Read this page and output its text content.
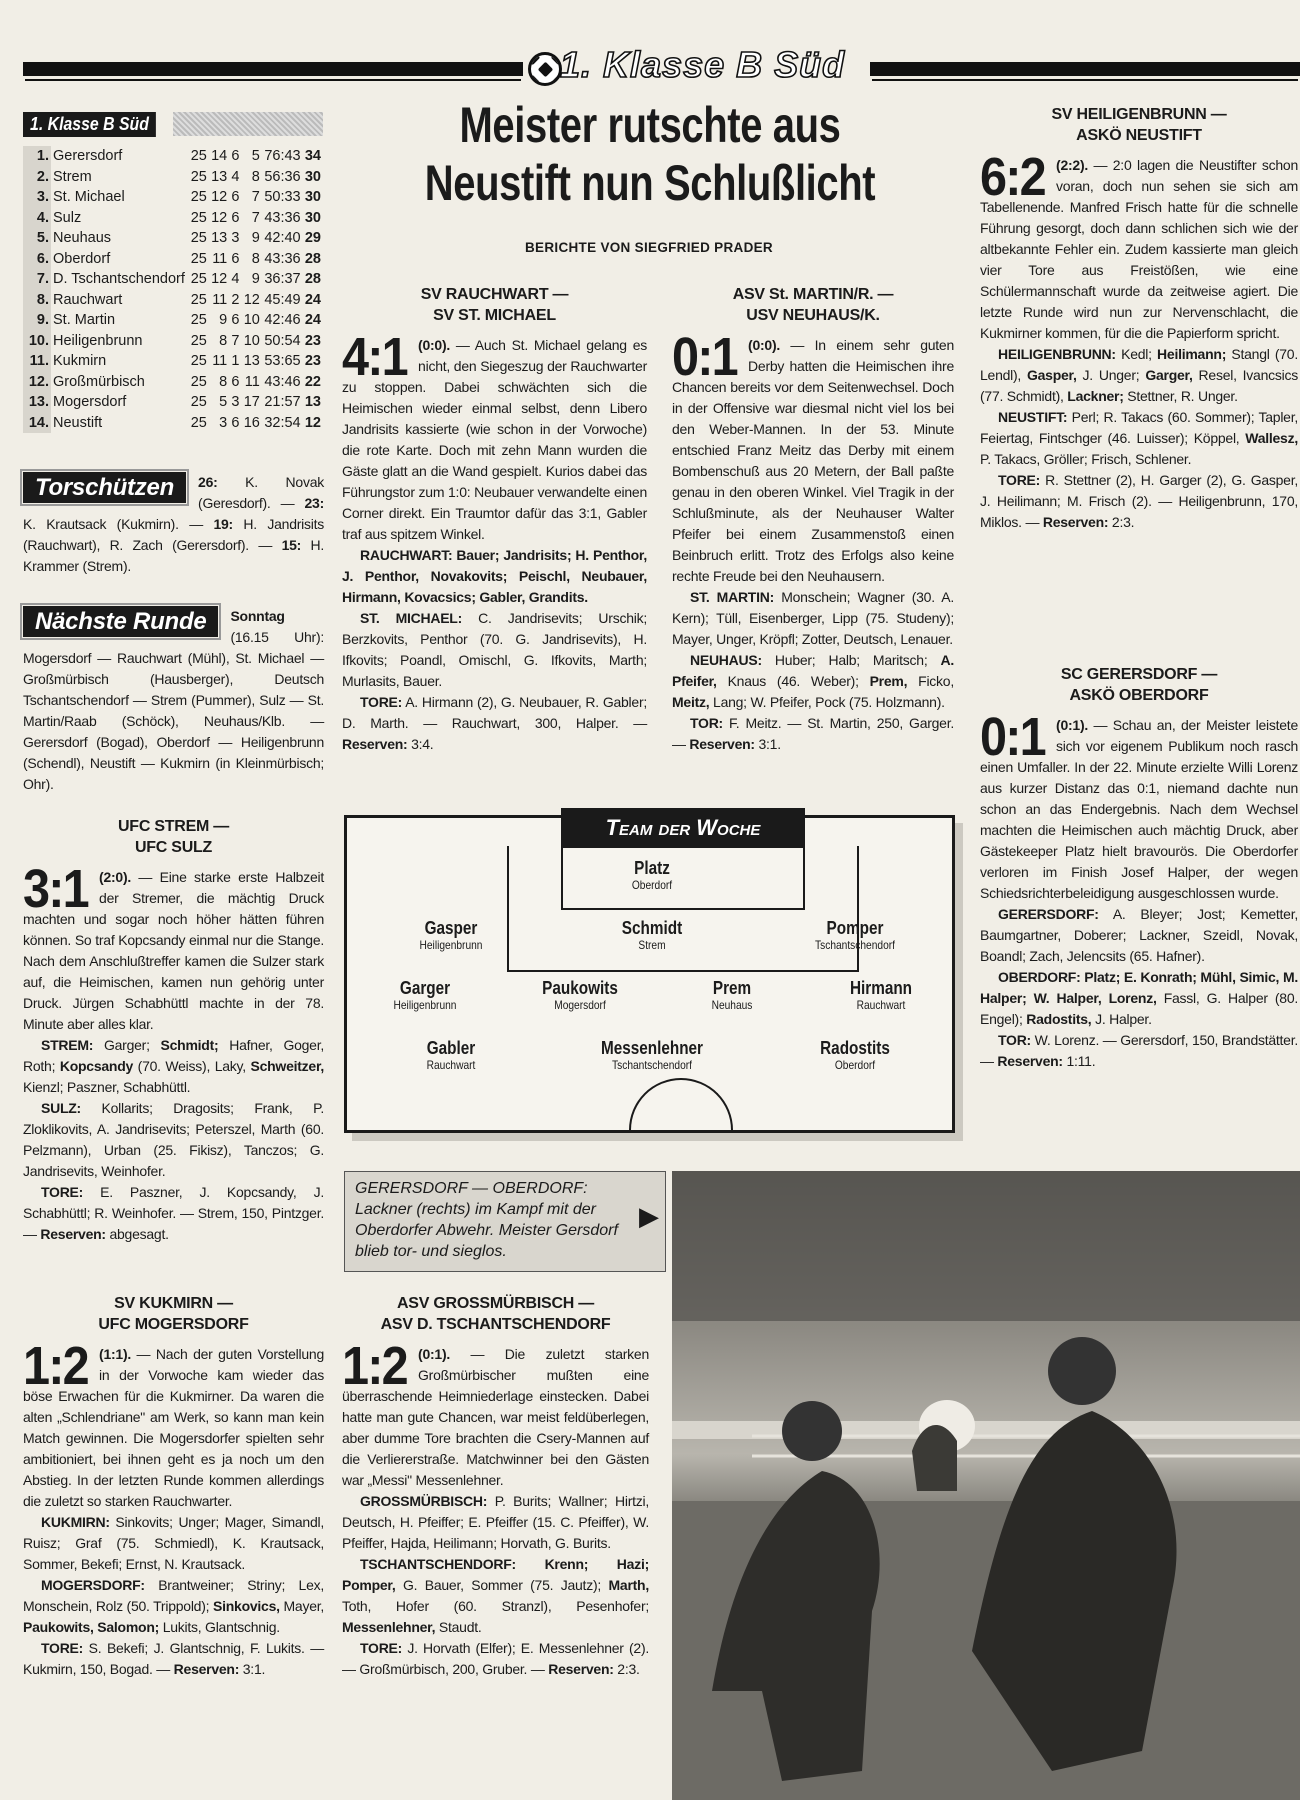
1. Klasse B Süd
1. Klasse B Süd
1.	Gerersdorf	25	14	6	5	76:43	34
2.	Strem	25	13	4	8	56:36	30
3.	St. Michael	25	12	6	7	50:33	30
4.	Sulz	25	12	6	7	43:36	30
5.	Neuhaus	25	13	3	9	42:40	29
6.	Oberdorf	25	11	6	8	43:36	28
7.	D. Tschantschendorf	25	12	4	9	36:37	28
8.	Rauchwart	25	11	2	12	45:49	24
9.	St. Martin	25	9	6	10	42:46	24
10.	Heiligenbrunn	25	8	7	10	50:54	23
11.	Kukmirn	25	11	1	13	53:65	23
12.	Großmürbisch	25	8	6	11	43:46	22
13.	Mogersdorf	25	5	3	17	21:57	13
14.	Neustift	25	3	6	16	32:54	12
Torschützen	26: K. Novak (Geresdorf). — 23: K. Krautsack (Kukmirn). — 19: H. Jandrisits (Rauchwart), R. Zach (Gerersdorf). — 15: H. Krammer (Strem).

Nächste Runde	Sonntag (16.15 Uhr): Mogersdorf — Rauchwart (Mühl), St. Michael — Großmürbisch (Hausberger), Deutsch Tschantschendorf — Strem (Pummer), Sulz — St. Martin/Raab (Schöck), Neuhaus/Klb. — Gerersdorf (Bogad), Oberdorf — Heiligenbrunn (Schendl), Neustift — Kukmirn (in Kleinmürbisch; Ohr).

Meister rutschte aus
Neustift nun Schlußlicht
BERICHTE VON SIEGFRIED PRADER
SV RAUCHWART —
SV ST. MICHAEL

4:1 (0:0). — Auch St. Michael gelang es nicht, den Siegeszug der Rauchwarter zu stoppen. Dabei schwächten sich die Heimischen wieder einmal selbst, denn Libero Jandrisits kassierte (wie schon in der Vorwoche) die rote Karte. Doch mit zehn Mann wurden die Gäste glatt an die Wand gespielt. Kurios dabei das Führungstor zum 1:0: Neubauer verwandelte einen Corner direkt. Ein Traumtor dafür das 3:1, Gabler traf aus spitzem Winkel.

RAUCHWART: Bauer; Jandrisits; H. Penthor, J. Penthor, Novakovits; Peischl, Neubauer, Hirmann, Kovacsics; Gabler, Grandits.

ST. MICHAEL: C. Jandrisevits; Urschik; Berzkovits, Penthor (70. G. Jandrisevits), H. Ifkovits; Poandl, Omischl, G. Ifkovits, Marth; Murlasits, Bauer.

TORE: A. Hirmann (2), G. Neubauer, R. Gabler; D. Marth. — Rauchwart, 300, Halper. — Reserven: 3:4.

ASV St. MARTIN/R. —
USV NEUHAUS/K.

0:1 (0:0). — In einem sehr guten Derby hatten die Heimischen ihre Chancen bereits vor dem Seitenwechsel. Doch in der Offensive war diesmal nicht viel los bei den Weber-Mannen. In der 53. Minute entschied Franz Meitz das Derby mit einem Bombenschuß aus 20 Metern, der Ball paßte genau in den oberen Winkel. Viel Tragik in der Schlußminute, als der Neuhauser Walter Pfeifer bei einem Zusammenstoß einen Beinbruch erlitt. Trotz des Erfolgs also keine rechte Freude bei den Neuhausern.

ST. MARTIN: Monschein; Wagner (30. A. Kern); Tüll, Eisenberger, Lipp (75. Studeny); Mayer, Unger, Kröpfl; Zotter, Deutsch, Lenauer.

NEUHAUS: Huber; Halb; Maritsch; A. Pfeifer, Knaus (46. Weber); Prem, Ficko, Meitz, Lang; W. Pfeifer, Pock (75. Holzmann).

TOR: F. Meitz. — St. Martin, 250, Garger. — Reserven: 3:1.

SV HEILIGENBRUNN —
ASKÖ NEUSTIFT

6:2 (2:2). — 2:0 lagen die Neustifter schon voran, doch nun sehen sie sich am Tabellenende. Manfred Frisch hatte für die schnelle Führung gesorgt, doch dann schlichen sich wie der altbekannte Fehler ein. Zudem kassierte man gleich vier Tore aus Freistößen, wie eine Schülermannschaft wurde da zeitweise agiert. Die letzte Runde wird nun zur Nervenschlacht, die Kukmirner kommen, für die die Papierform spricht.

HEILIGENBRUNN: Kedl; Heilimann; Stangl (70. Lendl), Gasper, J. Unger; Garger, Resel, Ivancsics (77. Schmidt), Lackner; Stettner, R. Unger.

NEUSTIFT: Perl; R. Takacs (60. Sommer); Tapler, Feiertag, Fintschger (46. Luisser); Köppel, Wallesz, P. Takacs, Gröller; Frisch, Schlener.

TORE: R. Stettner (2), H. Garger (2), G. Gasper, J. Heilimann; M. Frisch (2). — Heiligenbrunn, 170, Miklos. — Reserven: 2:3.

SC GERERSDORF —
ASKÖ OBERDORF

0:1 (0:1). — Schau an, der Meister leistete sich vor eigenem Publikum noch rasch einen Umfaller. In der 22. Minute erzielte Willi Lorenz aus kurzer Distanz das 0:1, niemand dachte nun schon an das Endergebnis. Nach dem Wechsel machten die Heimischen auch mächtig Druck, aber Gästekeeper Platz hielt bravourös. Die Oberdorfer verloren im Finish Josef Halper, der wegen Schiedsrichterbeleidigung ausgeschlossen wurde.

GERERSDORF: A. Bleyer; Jost; Kemetter, Baumgartner, Doberer; Lackner, Szeidl, Novak, Boandl; Zach, Jelencsits (65. Hafner).

OBERDORF: Platz; E. Konrath; Mühl, Simic, M. Halper; W. Halper, Lorenz, Fassl, G. Halper (80. Engel); Radostits, J. Halper.

TOR: W. Lorenz. — Gerersdorf, 150, Brandstätter. — Reserven: 1:11.

UFC STREM —
UFC SULZ

3:1 (2:0). — Eine starke erste Halbzeit der Stremer, die mächtig Druck machten und sogar noch höher hätten führen können. So traf Kopcsandy einmal nur die Stange. Nach dem Anschlußtreffer kamen die Sulzer stark auf, die Heimischen, kamen nun gehörig unter Druck. Jürgen Schabhüttl machte in der 78. Minute aber alles klar.

STREM: Garger; Schmidt; Hafner, Goger, Roth; Kopcsandy (70. Weiss), Laky, Schweitzer, Kienzl; Paszner, Schabhüttl.

SULZ: Kollarits; Dragosits; Frank, P. Zloklikovits, A. Jandrisevits; Peterszel, Marth (60. Pelzmann), Urban (25. Fikisz), Tanczos; G. Jandrisevits, Weinhofer.

TORE: E. Paszner, J. Kopcsandy, J. Schabhüttl; R. Weinhofer. — Strem, 150, Pintzger. — Reserven: abgesagt.

SV KUKMIRN —
UFC MOGERSDORF

1:2 (1:1). — Nach der guten Vorstellung in der Vorwoche kam wieder das böse Erwachen für die Kukmirner. Da waren die alten „Schlendriane" am Werk, so kann man kein Match gewinnen. Die Mogersdorfer spielten sehr ambitioniert, bei ihnen geht es ja noch um den Abstieg. In der letzten Runde kommen allerdings die zuletzt so starken Rauchwarter.

KUKMIRN: Sinkovits; Unger; Mager, Simandl, Ruisz; Graf (75. Schmiedl), K. Krautsack, Sommer, Bekefi; Ernst, N. Krautsack.

MOGERSDORF: Brantweiner; Striny; Lex, Monschein, Rolz (50. Trippold); Sinkovics, Mayer, Paukowits, Salomon; Lukits, Glantschnig.

TORE: S. Bekefi; J. Glantschnig, F. Lukits. — Kukmirn, 150, Bogad. — Reserven: 3:1.

ASV GROSSMÜRBISCH —
ASV D. TSCHANTSCHENDORF

1:2 (0:1). — Die zuletzt starken Großmürbischer mußten eine überraschende Heimniederlage einstecken. Dabei hatte man gute Chancen, war meist feldüberlegen, aber dumme Tore brachten die Csery-Mannen auf die Verliererstraße. Matchwinner bei den Gästen war „Messi" Messenlehner.

GROSSMÜRBISCH: P. Burits; Wallner; Hirtzi, Deutsch, H. Pfeiffer; E. Pfeiffer (15. C. Pfeiffer), W. Pfeiffer, Hajda, Heilimann; Horvath, G. Burits.

TSCHANTSCHENDORF: Krenn; Hazi; Pomper, G. Bauer, Sommer (75. Jautz); Marth, Toth, Hofer (60. Stranzl), Pesenhofer; Messenlehner, Staudt.

TORE: J. Horvath (Elfer); E. Messenlehner (2). — Großmürbisch, 200, Gruber. — Reserven: 2:3.

Team der Woche
Platz
Oberdorf
Gasper
Heiligenbrunn
Schmidt
Strem
Pomper
Tschantschendorf
Garger
Heiligenbrunn
Paukowits
Mogersdorf
Prem
Neuhaus
Hirmann
Rauchwart
Gabler
Rauchwart
Messenlehner
Tschantschendorf
Radostits
Oberdorf
GERERSDORF — OBERDORF: Lackner (rechts) im Kampf mit der Oberdorfer Abwehr. Meister Gersdorf blieb tor- und sieglos.
▶
